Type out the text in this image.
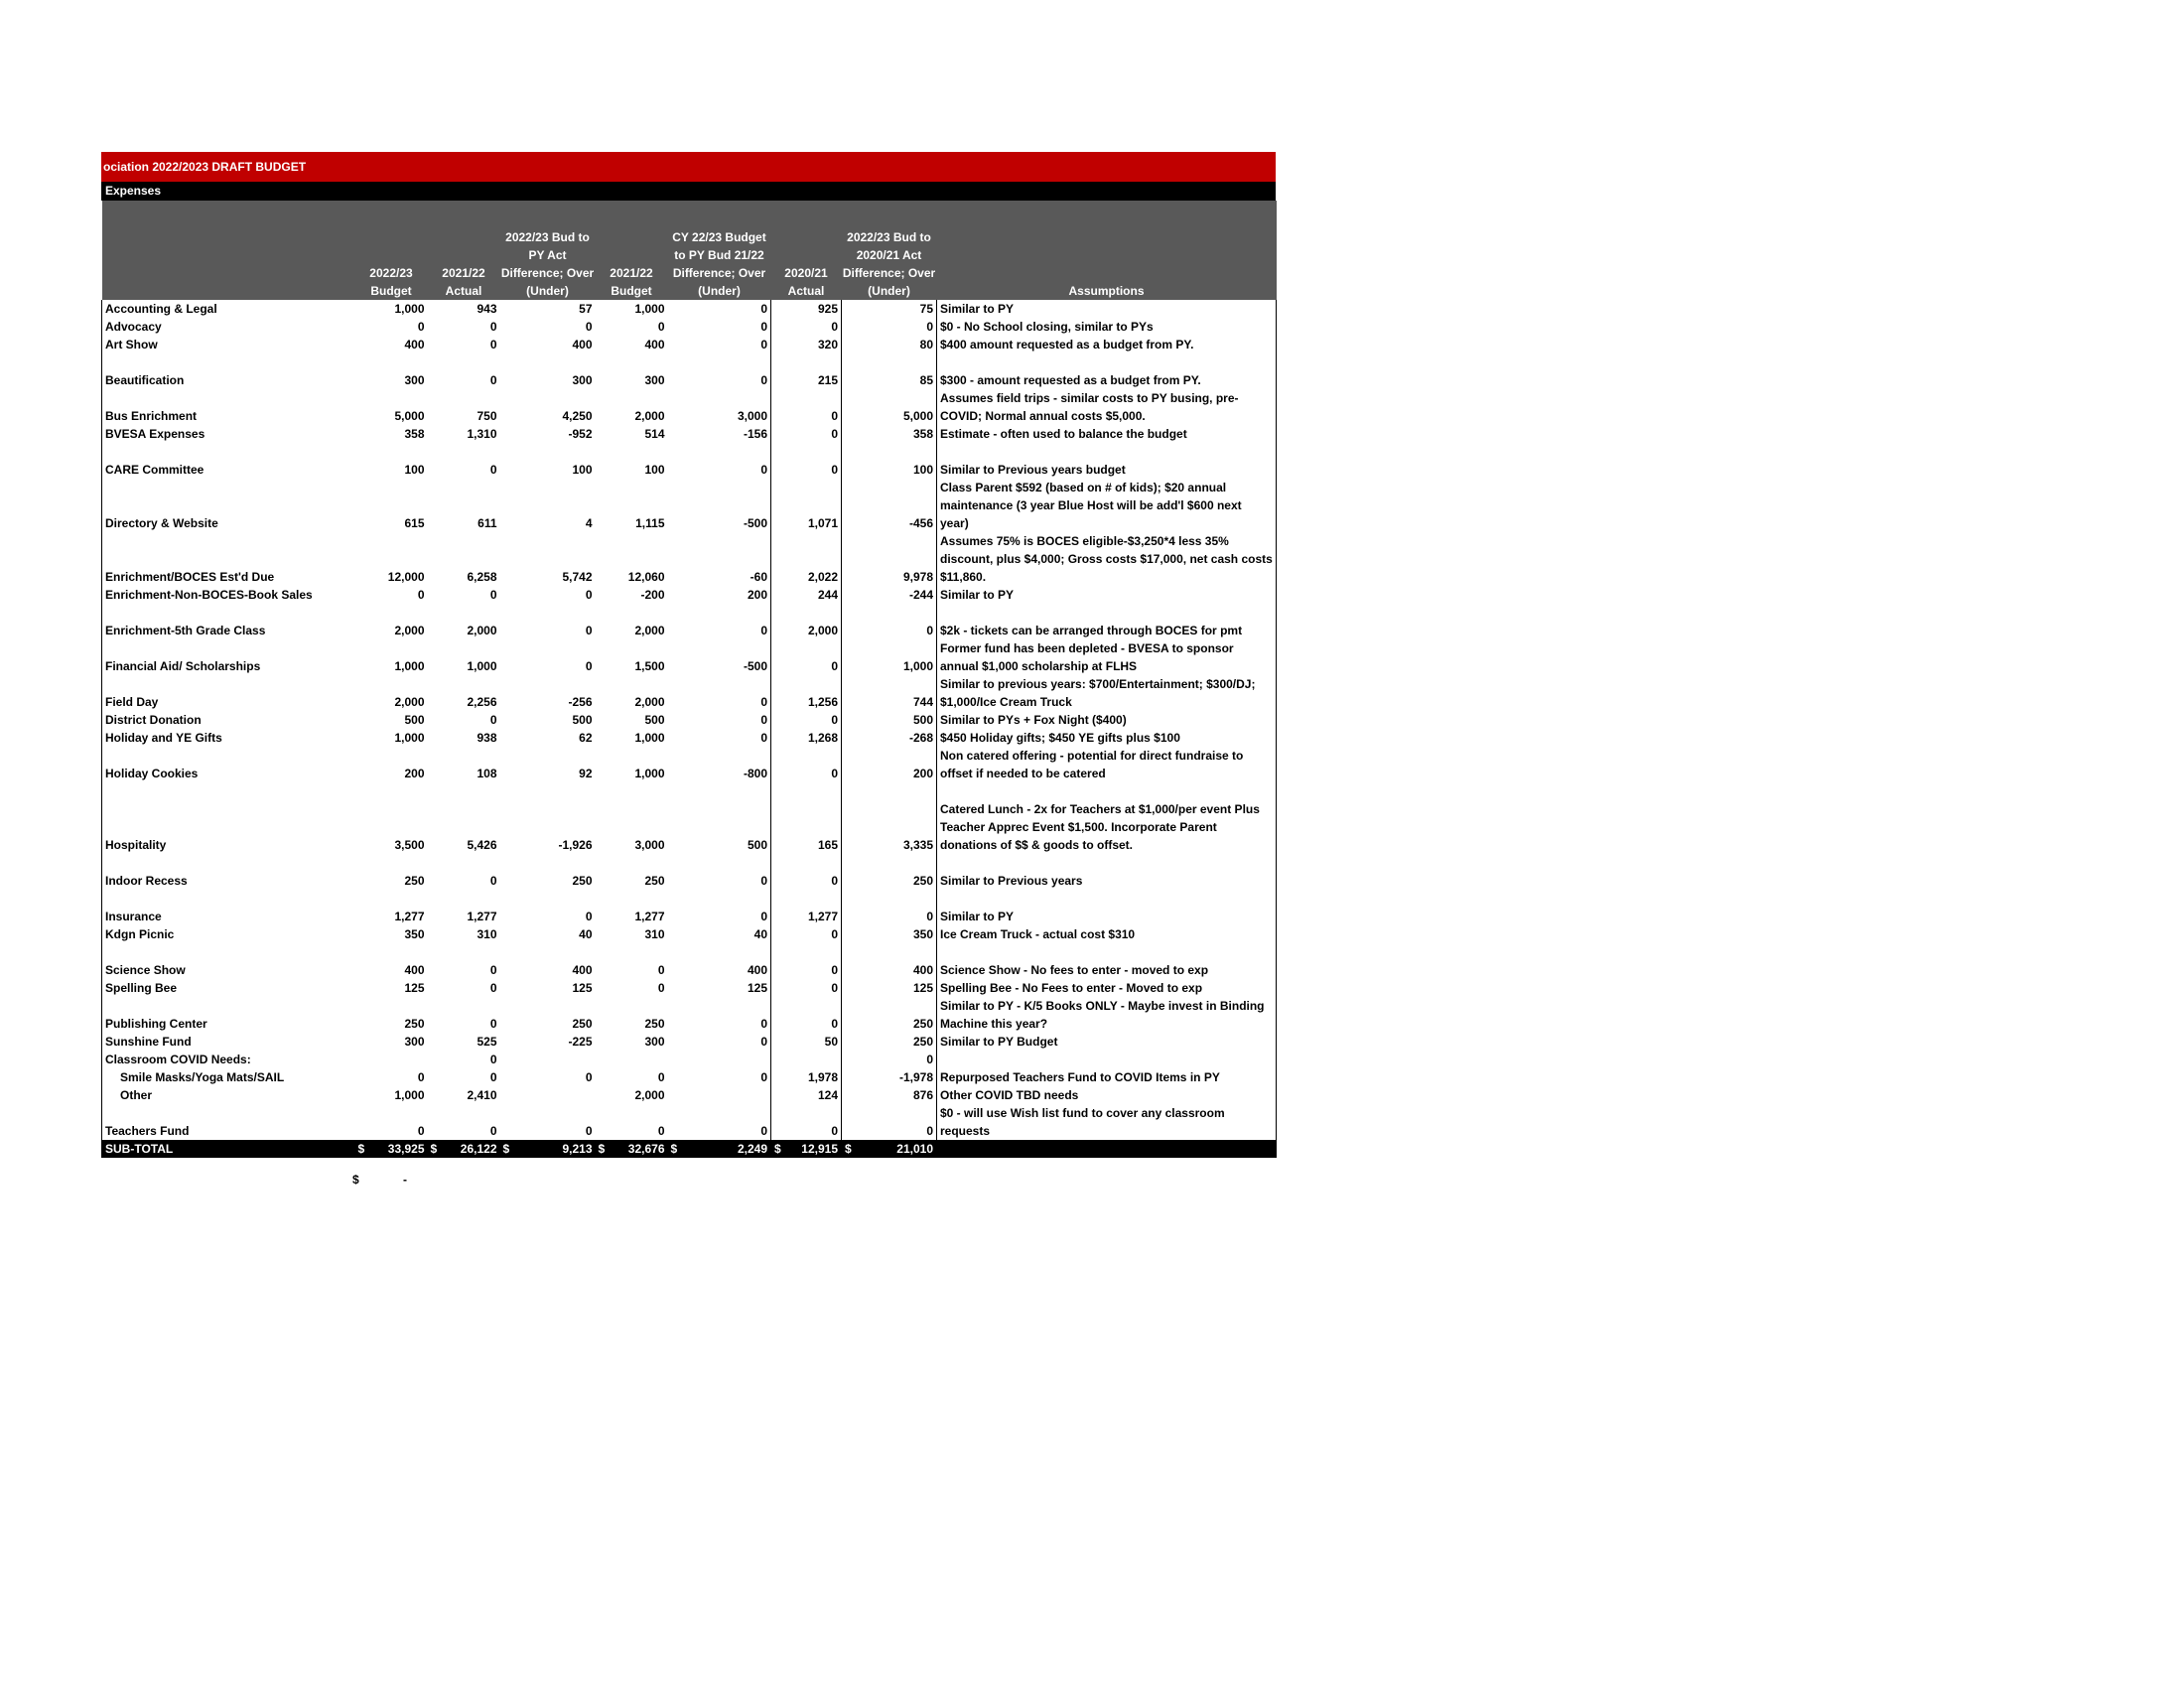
ociation 2022/2023 DRAFT BUDGET
Expenses
	2022/23 Budget	2021/22 Actual	2022/23 Bud to PY Act Difference; Over (Under)	2021/22 Budget	CY 22/23 Budget to PY Bud 21/22 Difference; Over (Under)	2020/21 Actual	2022/23 Bud to 2020/21 Act Difference; Over (Under)	Assumptions
Accounting & Legal	1,000	943	57	1,000	0	925	75	Similar to PY
Advocacy	0	0	0	0	0	0	0	$0 - No School closing, similar to PYs
Art Show	400	0	400	400	0	320	80	$400 amount requested as a budget from PY.
Beautification	300	0	300	300	0	215	85	$300 - amount requested as a budget from PY.
Bus Enrichment	5,000	750	4,250	2,000	3,000	0	5,000	Assumes field trips - similar costs to PY busing, pre-COVID; Normal annual costs $5,000.
BVESA Expenses	358	1,310	-952	514	-156	0	358	Estimate - often used to balance the budget
CARE Committee	100	0	100	100	0	0	100	Similar to Previous years budget
Directory & Website	615	611	4	1,115	-500	1,071	-456	Class Parent $592 (based on # of kids); $20 annual maintenance (3 year Blue Host will be add'l $600 next year)
Enrichment/BOCES Est'd Due	12,000	6,258	5,742	12,060	-60	2,022	9,978	Assumes 75% is BOCES eligible-$3,250*4 less 35% discount, plus $4,000; Gross costs $17,000, net cash costs $11,860.
Enrichment-Non-BOCES-Book Sales	0	0	0	-200	200	244	-244	Similar to PY
Enrichment-5th Grade Class	2,000	2,000	0	2,000	0	2,000	0	$2k - tickets can be arranged through BOCES for pmt
Financial Aid/ Scholarships	1,000	1,000	0	1,500	-500	0	1,000	Former fund has been depleted - BVESA to sponsor annual $1,000 scholarship at FLHS
Field Day	2,000	2,256	-256	2,000	0	1,256	744	Similar to previous years: $700/Entertainment; $300/DJ; $1,000/Ice Cream Truck
District Donation	500	0	500	500	0	0	500	Similar to PYs + Fox Night ($400)
Holiday and YE Gifts	1,000	938	62	1,000	0	1,268	-268	$450 Holiday gifts; $450 YE gifts plus $100
Holiday Cookies	200	108	92	1,000	-800	0	200	Non catered offering - potential for direct fundraise to offset if needed to be catered
Hospitality	3,500	5,426	-1,926	3,000	500	165	3,335	Catered Lunch - 2x for Teachers at $1,000/per event Plus Teacher Apprec Event $1,500. Incorporate Parent donations of $$ & goods to offset.
Indoor Recess	250	0	250	250	0	0	250	Similar to Previous years
Insurance	1,277	1,277	0	1,277	0	1,277	0	Similar to PY
Kdgn Picnic	350	310	40	310	40	0	350	Ice Cream Truck - actual cost $310
Science Show	400	0	400	0	400	0	400	Science Show - No fees to enter - moved to exp
Spelling Bee	125	0	125	0	125	0	125	Spelling Bee - No Fees to enter - Moved to exp
Publishing Center	250	0	250	250	0	0	250	Similar to PY - K/5 Books ONLY - Maybe invest in Binding Machine this year?
Sunshine Fund	300	525	-225	300	0	50	250	Similar to PY Budget
Classroom COVID Needs:		0					0	
Smile Masks/Yoga Mats/SAIL	0	0	0	0	0	1,978	-1,978	Repurposed Teachers Fund to COVID Items in PY
Other	1,000	2,410		2,000		124	876	Other COVID TBD needs
Teachers Fund	0	0	0	0	0	0	0	$0 - will use Wish list fund to cover any classroom requests
SUB-TOTAL	$ 33,925	$ 26,122	$ 9,213	$ 32,676	$ 2,249	$ 12,915	$ 21,010	
$	-
